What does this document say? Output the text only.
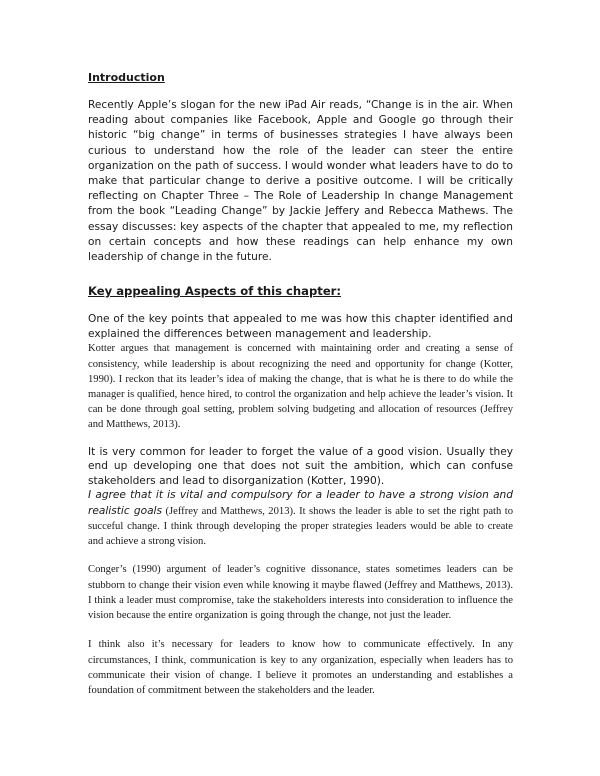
Introduction

Recently Apple’s slogan for the new iPad Air reads, “Change is in the air. When reading about companies like Facebook, Apple and Google go through their historic “big change” in terms of businesses strategies I have always been curious to understand how the role of the leader can steer the entire organization on the path of success. I would wonder what leaders have to do to make that particular change to derive a positive outcome. I will be critically reflecting on Chapter Three – The Role of Leadership In change Management from the book “Leading Change” by Jackie Jeffery and Rebecca Mathews. The essay discusses: key aspects of the chapter that appealed to me, my reflection on certain concepts and how these readings can help enhance my own leadership of change in the future.

Key appealing Aspects of this chapter:

One of the key points that appealed to me was how this chapter identified and explained the differences between management and leadership.

Kotter argues that management is concerned with maintaining order and creating a sense of consistency, while leadership is about recognizing the need and opportunity for change (Kotter, 1990). I reckon that its leader’s idea of making the change, that is what he is there to do while the manager is qualified, hence hired, to control the organization and help achieve the leader’s vision. It can be done through goal setting, problem solving budgeting and allocation of resources (Jeffrey and Matthews, 2013).

It is very common for leader to forget the value of a good vision. Usually they end up developing one that does not suit the ambition, which can confuse stakeholders and lead to disorganization (Kotter, 1990).

I agree that it is vital and compulsory for a leader to have a strong vision and realistic goals (Jeffrey and Matthews, 2013). It shows the leader is able to set the right path to succeful change. I think through developing the proper strategies leaders would be able to create and achieve a strong vision.

Conger’s (1990) argument of leader’s cognitive dissonance, states sometimes leaders can be stubborn to change their vision even while knowing it maybe flawed (Jeffrey and Matthews, 2013). I think a leader must compromise, take the stakeholders interests into consideration to influence the vision because the entire organization is going through the change, not just the leader.

I think also it’s necessary for leaders to know how to communicate effectively. In any circumstances, I think, communication is key to any organization, especially when leaders has to communicate their vision of change. I believe it promotes an understanding and establishes a foundation of commitment between the stakeholders and the leader.
